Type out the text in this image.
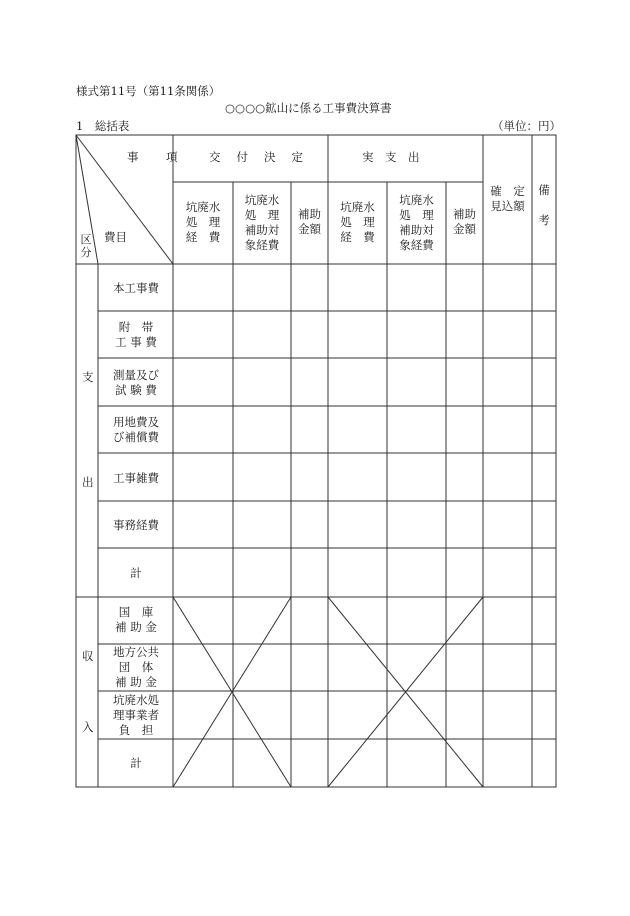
様式第11号（第11条関係）
○○○○鉱山に係る工事費決算書
1　総括表	（単位：円）
事　項
費目
区分
交付決定	実　支　出
確　定
見込額
備
考
坑廃水
処　理
経　費
坑廃水
処　理
補助対
象経費
補助
金額
坑廃水
処　理
経　費
坑廃水
処　理
補助対
象経費
補助
金額
支
出
収
入
本工事費
附　帯
工 事 費
測量及び
試 験 費
用地費及
び補償費
工事雑費
事務経費
計
国　庫
補 助 金
地方公共
団　体
補 助 金
坑廃水処
理事業者
負　担
計
